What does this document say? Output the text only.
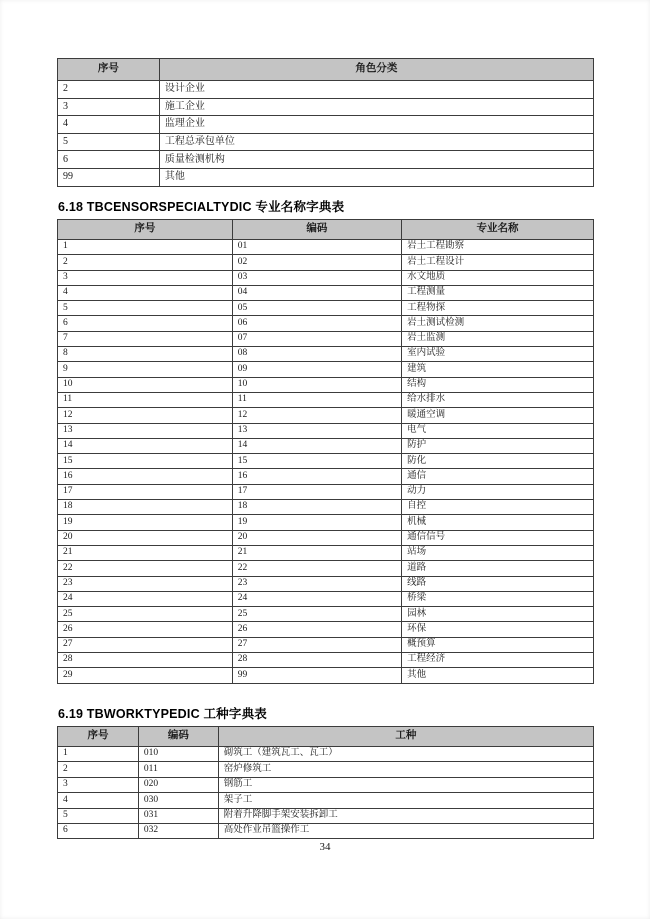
序号	角色分类
2	设计企业
3	施工企业
4	监理企业
5	工程总承包单位
6	质量检测机构
99	其他
6.18 TBCENSORSPECIALTYDIC 专业名称字典表
序号	编码	专业名称
1	01	岩土工程勘察
2	02	岩土工程设计
3	03	水文地质
4	04	工程测量
5	05	工程物探
6	06	岩土测试检测
7	07	岩土监测
8	08	室内试验
9	09	建筑
10	10	结构
11	11	给水排水
12	12	暖通空调
13	13	电气
14	14	防护
15	15	防化
16	16	通信
17	17	动力
18	18	自控
19	19	机械
20	20	通信信号
21	21	站场
22	22	道路
23	23	线路
24	24	桥梁
25	25	园林
26	26	环保
27	27	概预算
28	28	工程经济
29	99	其他
6.19 TBWORKTYPEDIC 工种字典表
序号	编码	工种
1	010	砌筑工（建筑瓦工、瓦工）
2	011	窑炉修筑工
3	020	钢筋工
4	030	架子工
5	031	附着升降脚手架安装拆卸工
6	032	高处作业吊篮操作工
34
